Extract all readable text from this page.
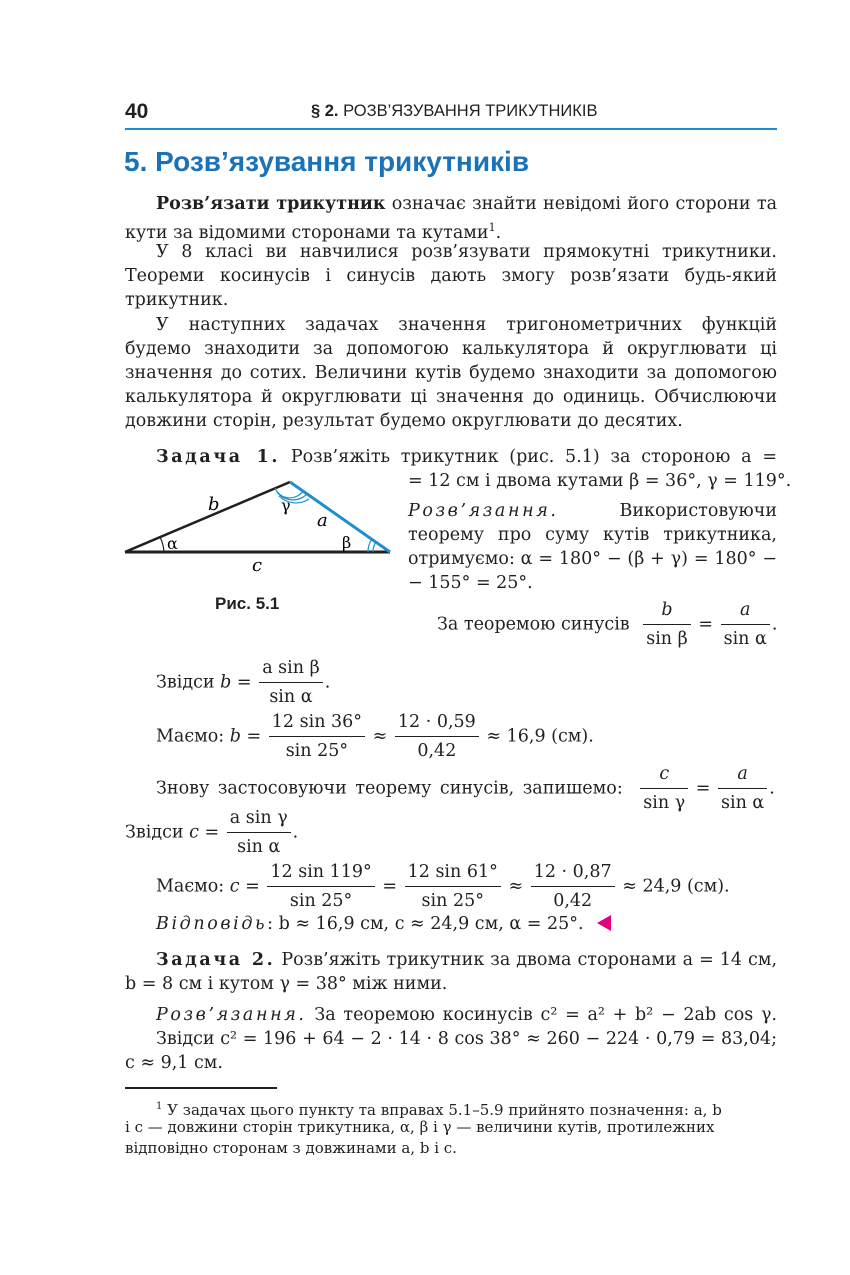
40	§ 2. РОЗВ’ЯЗУВАННЯ ТРИКУТНИКІВ
5. Розв’язування трикутників
Розв’язати трикутник означає знайти невідомі його сторони та
кути за відомими сторонами та кутами$^1$.
У 8 класі ви навчилися розв’язувати прямокутні трикутники.
Теореми косинусів і синусів дають змогу розв’язати будь-який
трикутник.
У наступних задачах значення тригонометричних функцій
будемо знаходити за допомогою калькулятора й округлювати ці
значення до сотих. Величини кутів будемо знаходити за допомогою
калькулятора й округлювати ці значення до одиниць. Обчислюючи
довжини сторін, результат будемо округлювати до десятих.
Задача 1. Розв’яжіть трикутник (рис. 5.1) за стороною a =
= 12 см і двома кутами β = 36°, γ = 119°.
b	γ
a
α	β
c
Рис. 5.1
Розв’язання. Використовуючи
теорему про суму кутів трикутника,
отримуємо: α = 180° − (β + γ) = 180° −
− 155° = 25°.
За теоремою синусів $\frac{b}{\text{sin β}} = \frac{a}{\text{sin α}}$ .
Звідси $b = \frac{\text{a sin β}}{\text{sin α}}$ .
Маємо: $b = \frac{12 \sin 36^\circ}{\sin 25^\circ} \approx \frac{12 \cdot 0,59}{0,42} \approx 16,9$ (см).
Знову застосовуючи теорему синусів, запишемо: $\frac{c}{\text{sin γ}} = \frac{a}{\text{sin α}}$ .
Звідси $c = \frac{\text{a sin γ}}{\text{sin α}}$ .
Маємо: $c = \frac{12 \sin 119^\circ}{\sin 25^\circ} = \frac{12 \sin 61^\circ}{\sin 25^\circ} \approx \frac{12 \cdot 0,87}{0,42} \approx 24,9$ (см).
Відповідь: b ≈ 16,9 см, c ≈ 24,9 см, α = 25°.
Задача 2. Розв’яжіть трикутник за двома сторонами a = 14 см,
b = 8 см і кутом γ = 38° між ними.
Розв’язання. За теоремою косинусів c² = a² + b² − 2ab cos γ.
Звідси c² = 196 + 64 − 2 · 14 · 8 cos 38° ≈ 260 − 224 · 0,79 = 83,04;
c ≈ 9,1 см.
$^1$ У задачах цього пункту та вправах 5.1–5.9 прийнято позначення: a, b
і c — довжини сторін трикутника, α, β і γ — величини кутів, протилежних
відповідно сторонам з довжинами a, b і c.
